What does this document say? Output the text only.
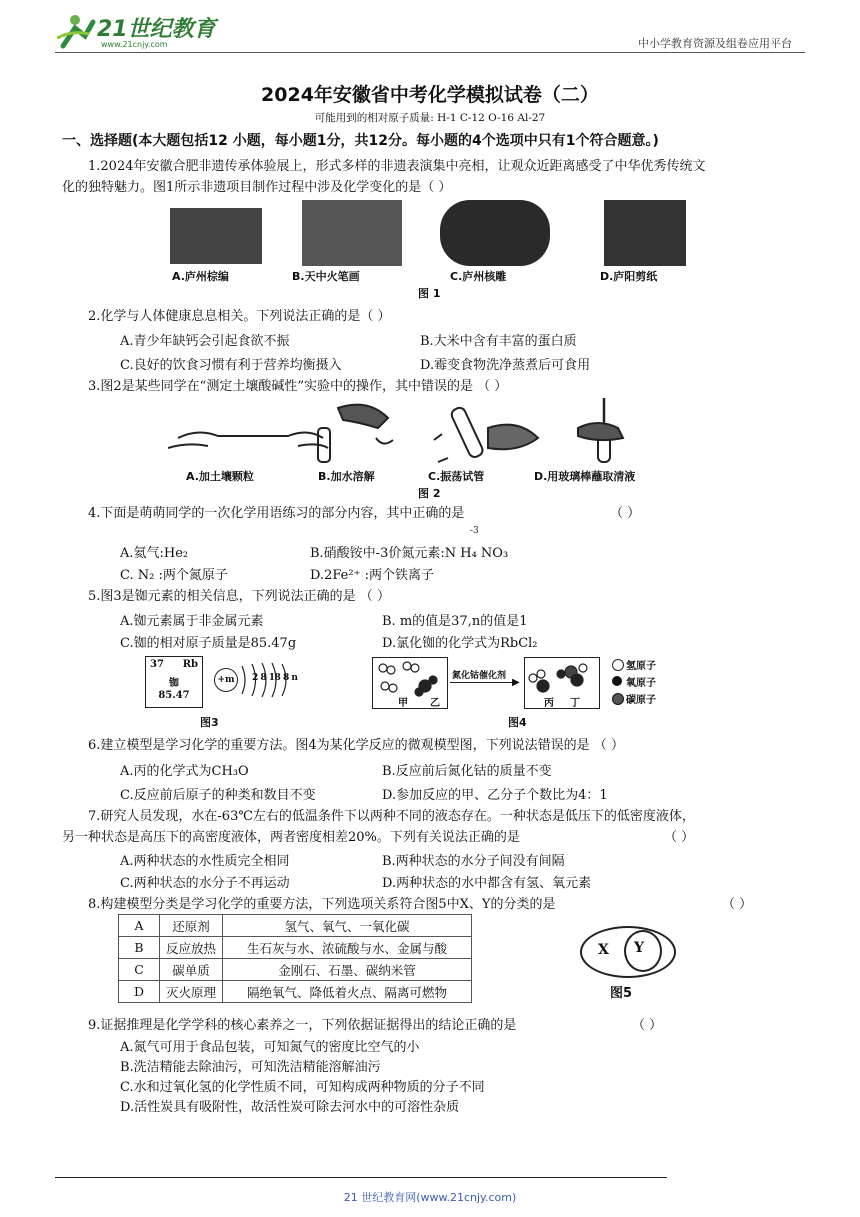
21世纪教育
www.21cnjy.com	中小学教育资源及组卷应用平台
2024年安徽省中考化学模拟试卷（二）
可能用到的相对原子质量: H-1 C-12 O-16 Al-27
一、选择题(本大题包括12 小题，每小题1分，共12分。每小题的4个选项中只有1个符合题意。)
1.2024年安徽合肥非遗传承体验展上，形式多样的非遗表演集中亮相，让观众近距离感受了中华优秀传统文
化的独特魅力。图1所示非遗项目制作过程中涉及化学变化的是（ ）
A.庐州棕编	B.天中火笔画	C.庐州核雕	D.庐阳剪纸
图 1
2.化学与人体健康息息相关。下列说法正确的是（ ）
A.青少年缺钙会引起食欲不振	B.大米中含有丰富的蛋白质
C.良好的饮食习惯有利于营养均衡摄入	D.霉变食物洗净蒸煮后可食用
3.图2是某些同学在“测定土壤酸碱性”实验中的操作，其中错误的是 （ ）
A.加土壤颗粒	B.加水溶解	C.振荡试管	D.用玻璃棒蘸取清液
图 2
4.下面是萌萌同学的一次化学用语练习的部分内容，其中正确的是	（ ）
-3
A.氦气:He₂	B.硝酸铵中-3价氮元素:N H₄ NO₃
C. N₂ :两个氮原子	D.2Fe²⁺ :两个铁离子
5.图3是铷元素的相关信息，下列说法正确的是 （ ）
A.铷元素属于非金属元素	B. m的值是37,n的值是1
C.铷的相对原子质量是85.47g	D.氯化铷的化学式为RbCl₂
37 Rb
铷
85.47
+m	2 8 18 8 n
图3
甲 乙
氮化钴催化剂
▶
丙 丁
氢原子
氧原子
碳原子
图4
6.建立模型是学习化学的重要方法。图4为某化学反应的微观模型图，下列说法错误的是 （ ）
A.丙的化学式为CH₃O	B.反应前后氮化钴的质量不变
C.反应前后原子的种类和数目不变	D.参加反应的甲、乙分子个数比为4：1
7.研究人员发现，水在-63℃左右的低温条件下以两种不同的液态存在。一种状态是低压下的低密度液体，
另一种状态是高压下的高密度液体，两者密度相差20%。下列有关说法正确的是	（ ）
A.两种状态的水性质完全相同	B.两种状态的水分子间没有间隔
C.两种状态的水分子不再运动	D.两种状态的水中都含有氢、氧元素
8.构建模型分类是学习化学的重要方法，下列选项关系符合图5中X、Y的分类的是	（ ）
A	还原剂	氢气、氧气、一氧化碳
B	反应放热	生石灰与水、浓硫酸与水、金属与酸
C	碳单质	金刚石、石墨、碳纳米管
D	灭火原理	隔绝氧气、降低着火点、隔离可燃物
X Y
图5
9.证据推理是化学学科的核心素养之一，下列依据证据得出的结论正确的是	（ ）
A.氮气可用于食品包装，可知氮气的密度比空气的小
B.洗洁精能去除油污，可知洗洁精能溶解油污
C.水和过氧化氢的化学性质不同，可知构成两种物质的分子不同
D.活性炭具有吸附性，故活性炭可除去河水中的可溶性杂质
21 世纪教育网(www.21cnjy.com)
